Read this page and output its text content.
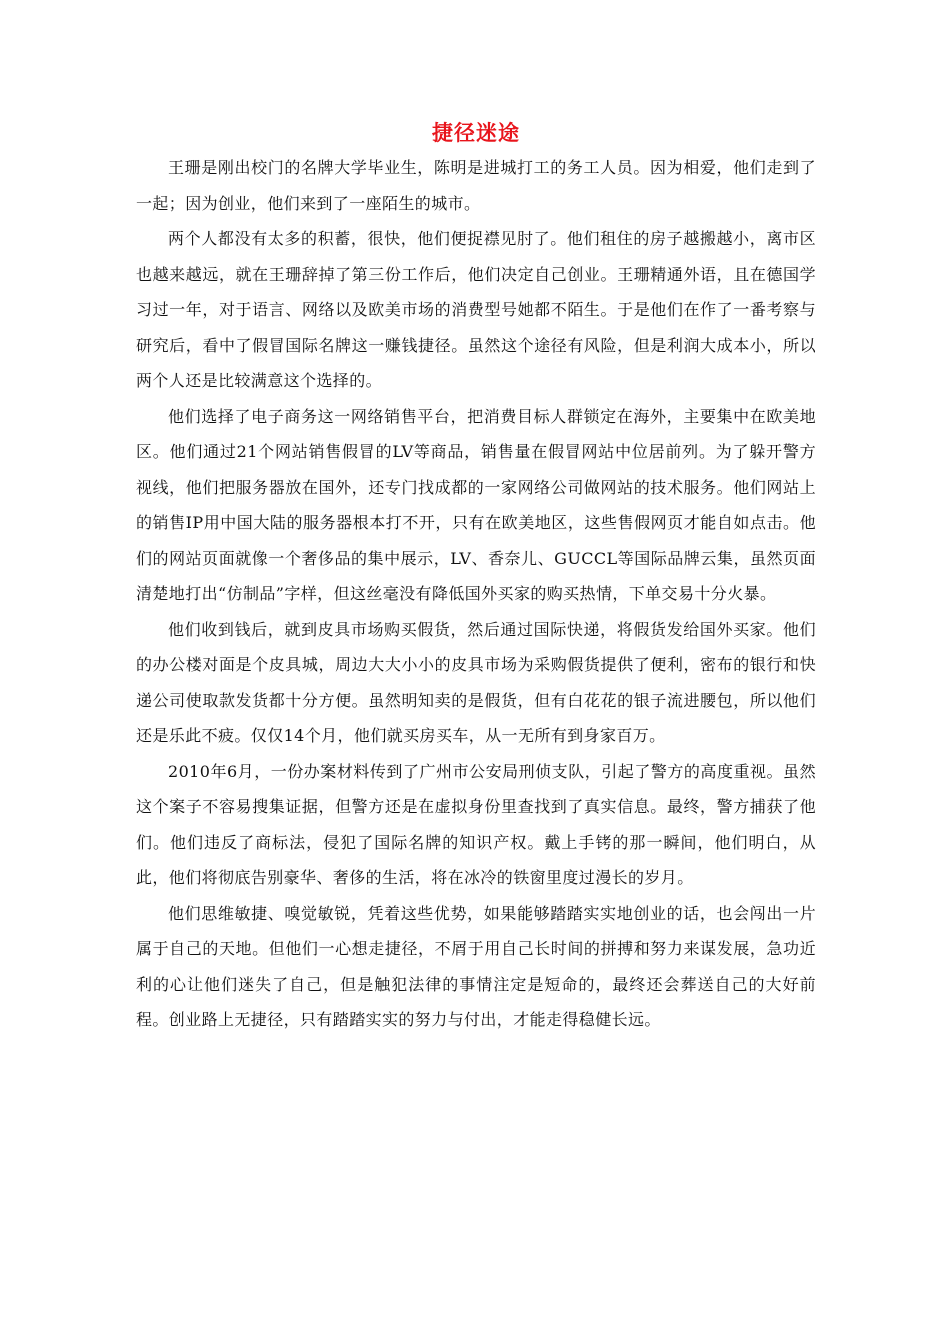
捷径迷途

王珊是刚出校门的名牌大学毕业生，陈明是进城打工的务工人员。因为相爱，他们走到了一起；因为创业，他们来到了一座陌生的城市。

两个人都没有太多的积蓄，很快，他们便捉襟见肘了。他们租住的房子越搬越小，离市区也越来越远，就在王珊辞掉了第三份工作后，他们决定自己创业。王珊精通外语，且在德国学习过一年，对于语言、网络以及欧美市场的消费型号她都不陌生。于是他们在作了一番考察与研究后，看中了假冒国际名牌这一赚钱捷径。虽然这个途径有风险，但是利润大成本小，所以两个人还是比较满意这个选择的。

他们选择了电子商务这一网络销售平台，把消费目标人群锁定在海外，主要集中在欧美地区。他们通过21个网站销售假冒的LV等商品，销售量在假冒网站中位居前列。为了躲开警方视线，他们把服务器放在国外，还专门找成都的一家网络公司做网站的技术服务。他们网站上的销售IP用中国大陆的服务器根本打不开，只有在欧美地区，这些售假网页才能自如点击。他们的网站页面就像一个奢侈品的集中展示，LV、香奈儿、GUCCL等国际品牌云集，虽然页面清楚地打出“仿制品”字样，但这丝毫没有降低国外买家的购买热情，下单交易十分火暴。

他们收到钱后，就到皮具市场购买假货，然后通过国际快递，将假货发给国外买家。他们的办公楼对面是个皮具城，周边大大小小的皮具市场为采购假货提供了便利，密布的银行和快递公司使取款发货都十分方便。虽然明知卖的是假货，但有白花花的银子流进腰包，所以他们还是乐此不疲。仅仅14个月，他们就买房买车，从一无所有到身家百万。

2010年6月，一份办案材料传到了广州市公安局刑侦支队，引起了警方的高度重视。虽然这个案子不容易搜集证据，但警方还是在虚拟身份里查找到了真实信息。最终，警方捕获了他们。他们违反了商标法，侵犯了国际名牌的知识产权。戴上手铐的那一瞬间，他们明白，从此，他们将彻底告别豪华、奢侈的生活，将在冰冷的铁窗里度过漫长的岁月。

他们思维敏捷、嗅觉敏锐，凭着这些优势，如果能够踏踏实实地创业的话，也会闯出一片属于自己的天地。但他们一心想走捷径，不屑于用自己长时间的拼搏和努力来谋发展，急功近利的心让他们迷失了自己，但是触犯法律的事情注定是短命的，最终还会葬送自己的大好前程。创业路上无捷径，只有踏踏实实的努力与付出，才能走得稳健长远。
